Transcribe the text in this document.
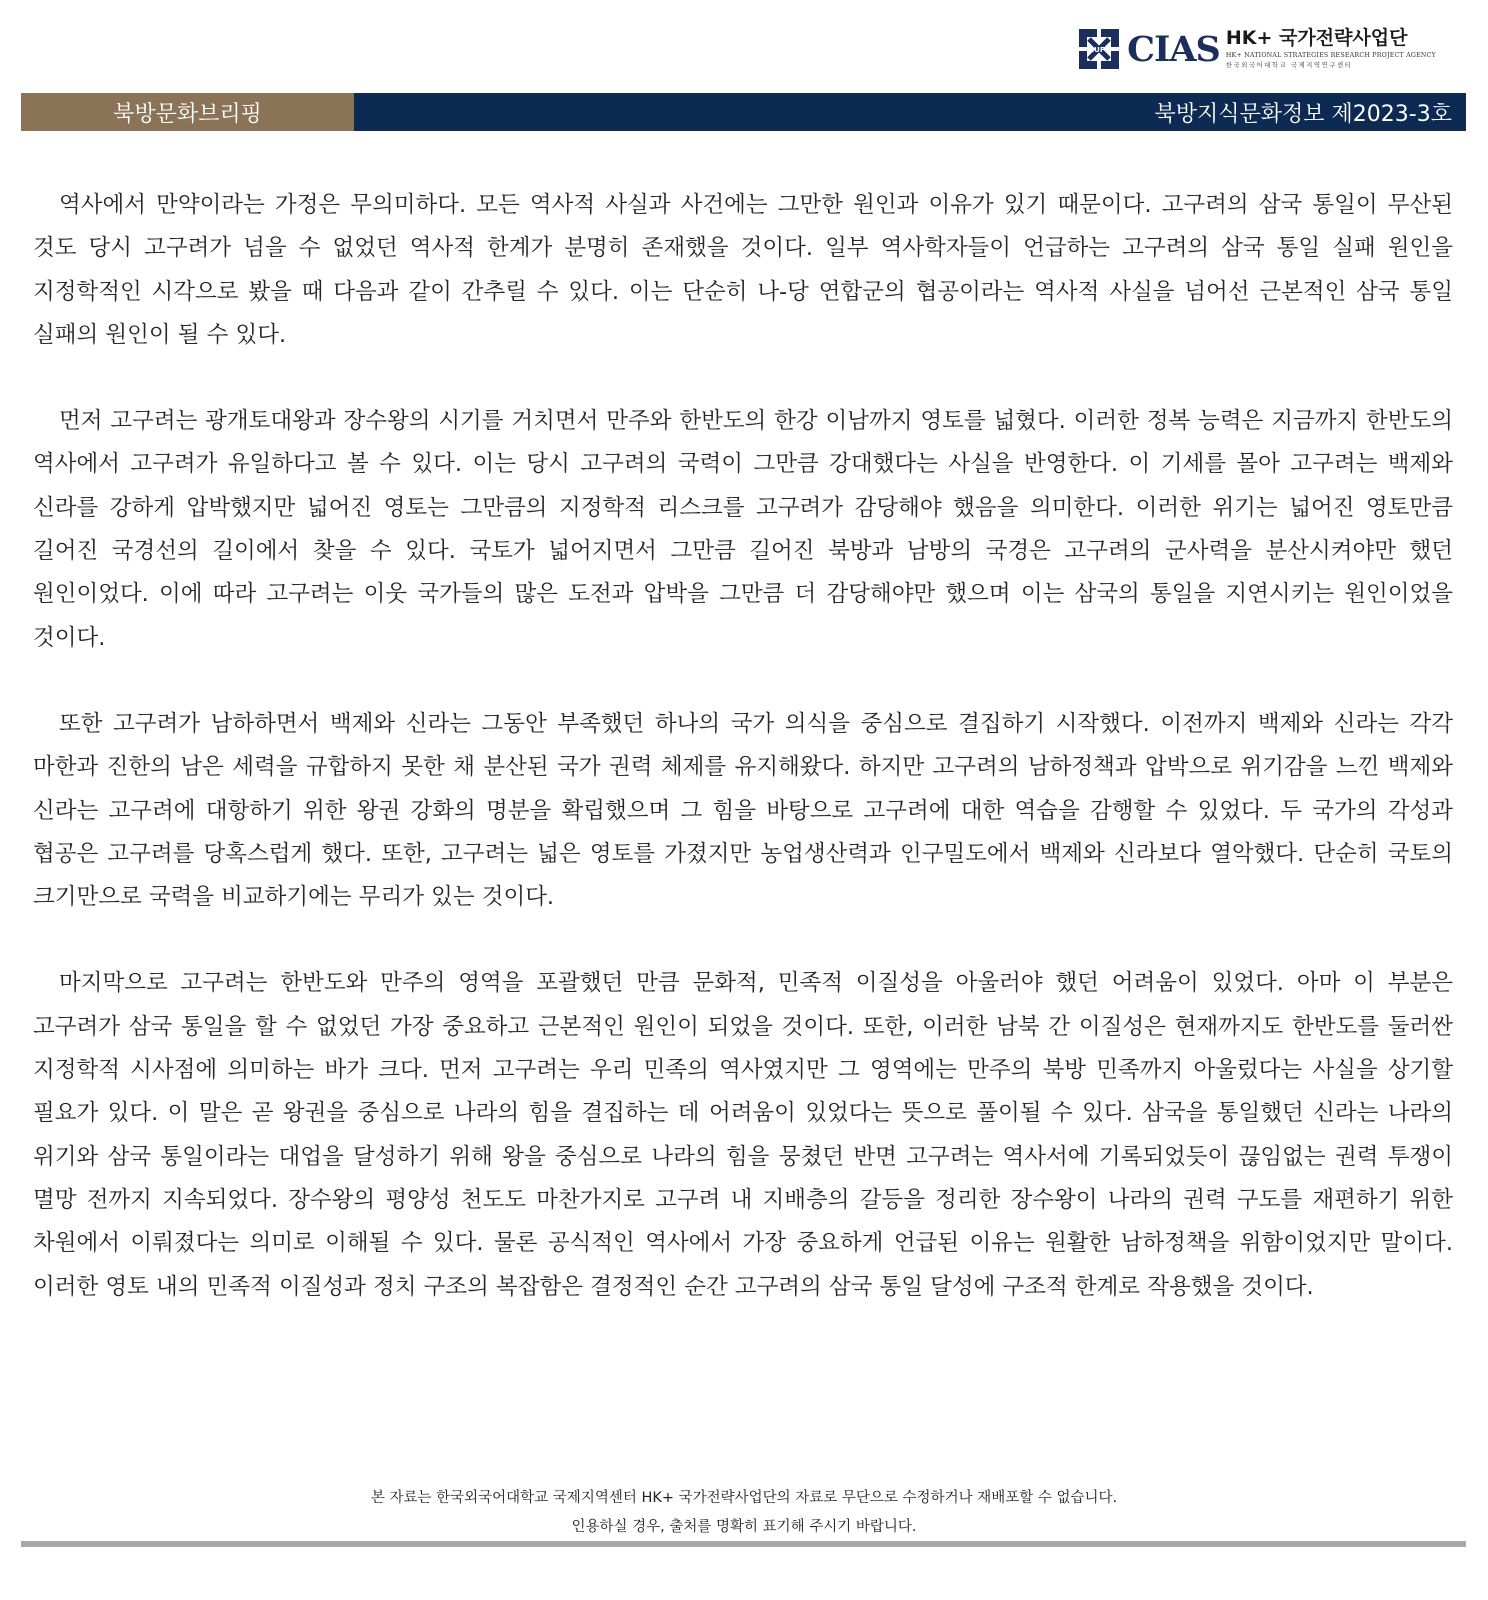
HUFS CIAS HK+ 국가전략사업단
HK+ NATIONAL STRATEGIES RESEARCH PROJECT AGENCY
한국외국어대학교 국제지역연구센터
북방문화브리핑	북방지식문화정보 제2023-3호

역사에서 만약이라는 가정은 무의미하다. 모든 역사적 사실과 사건에는 그만한 원인과 이유가 있기 때문이다. 고구려의 삼국 통일이 무산된 것도 당시 고구려가 넘을 수 없었던 역사적 한계가 분명히 존재했을 것이다. 일부 역사학자들이 언급하는 고구려의 삼국 통일 실패 원인을 지정학적인 시각으로 봤을 때 다음과 같이 간추릴 수 있다. 이는 단순히 나-당 연합군의 협공이라는 역사적 사실을 넘어선 근본적인 삼국 통일 실패의 원인이 될 수 있다.

먼저 고구려는 광개토대왕과 장수왕의 시기를 거치면서 만주와 한반도의 한강 이남까지 영토를 넓혔다. 이러한 정복 능력은 지금까지 한반도의 역사에서 고구려가 유일하다고 볼 수 있다. 이는 당시 고구려의 국력이 그만큼 강대했다는 사실을 반영한다. 이 기세를 몰아 고구려는 백제와 신라를 강하게 압박했지만 넓어진 영토는 그만큼의 지정학적 리스크를 고구려가 감당해야 했음을 의미한다. 이러한 위기는 넓어진 영토만큼 길어진 국경선의 길이에서 찾을 수 있다. 국토가 넓어지면서 그만큼 길어진 북방과 남방의 국경은 고구려의 군사력을 분산시켜야만 했던 원인이었다. 이에 따라 고구려는 이웃 국가들의 많은 도전과 압박을 그만큼 더 감당해야만 했으며 이는 삼국의 통일을 지연시키는 원인이었을 것이다.

또한 고구려가 남하하면서 백제와 신라는 그동안 부족했던 하나의 국가 의식을 중심으로 결집하기 시작했다. 이전까지 백제와 신라는 각각 마한과 진한의 남은 세력을 규합하지 못한 채 분산된 국가 권력 체제를 유지해왔다. 하지만 고구려의 남하정책과 압박으로 위기감을 느낀 백제와 신라는 고구려에 대항하기 위한 왕권 강화의 명분을 확립했으며 그 힘을 바탕으로 고구려에 대한 역습을 감행할 수 있었다. 두 국가의 각성과 협공은 고구려를 당혹스럽게 했다. 또한, 고구려는 넓은 영토를 가졌지만 농업생산력과 인구밀도에서 백제와 신라보다 열악했다. 단순히 국토의 크기만으로 국력을 비교하기에는 무리가 있는 것이다.

마지막으로 고구려는 한반도와 만주의 영역을 포괄했던 만큼 문화적, 민족적 이질성을 아울러야 했던 어려움이 있었다. 아마 이 부분은 고구려가 삼국 통일을 할 수 없었던 가장 중요하고 근본적인 원인이 되었을 것이다. 또한, 이러한 남북 간 이질성은 현재까지도 한반도를 둘러싼 지정학적 시사점에 의미하는 바가 크다. 먼저 고구려는 우리 민족의 역사였지만 그 영역에는 만주의 북방 민족까지 아울렀다는 사실을 상기할 필요가 있다. 이 말은 곧 왕권을 중심으로 나라의 힘을 결집하는 데 어려움이 있었다는 뜻으로 풀이될 수 있다. 삼국을 통일했던 신라는 나라의 위기와 삼국 통일이라는 대업을 달성하기 위해 왕을 중심으로 나라의 힘을 뭉쳤던 반면 고구려는 역사서에 기록되었듯이 끊임없는 권력 투쟁이 멸망 전까지 지속되었다. 장수왕의 평양성 천도도 마찬가지로 고구려 내 지배층의 갈등을 정리한 장수왕이 나라의 권력 구도를 재편하기 위한 차원에서 이뤄졌다는 의미로 이해될 수 있다. 물론 공식적인 역사에서 가장 중요하게 언급된 이유는 원활한 남하정책을 위함이었지만 말이다. 이러한 영토 내의 민족적 이질성과 정치 구조의 복잡함은 결정적인 순간 고구려의 삼국 통일 달성에 구조적 한계로 작용했을 것이다.

본 자료는 한국외국어대학교 국제지역센터 HK+ 국가전략사업단의 자료로 무단으로 수정하거나 재배포할 수 없습니다.
인용하실 경우, 출처를 명확히 표기해 주시기 바랍니다.
